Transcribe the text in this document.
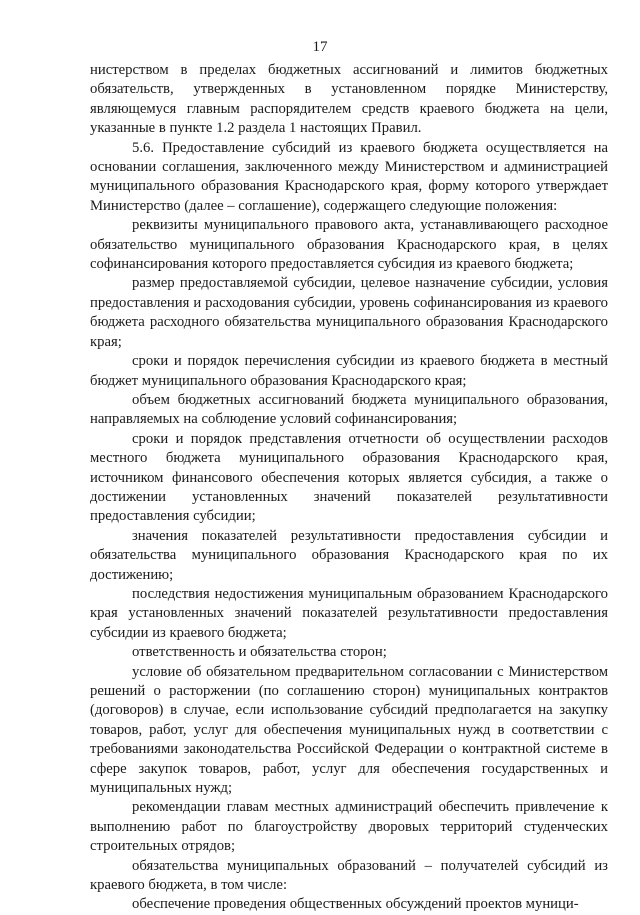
17

нистерством в пределах бюджетных ассигнований и лимитов бюджетных обязательств, утвержденных в установленном порядке Министерству, являющемуся главным распорядителем средств краевого бюджета на цели, указанные в пункте 1.2 раздела 1 настоящих Правил.

5.6. Предоставление субсидий из краевого бюджета осуществляется на основании соглашения, заключенного между Министерством и администрацией муниципального образования Краснодарского края, форму которого утверждает Министерство (далее – соглашение), содержащего следующие положения:

реквизиты муниципального правового акта, устанавливающего расходное обязательство муниципального образования Краснодарского края, в целях софинансирования которого предоставляется субсидия из краевого бюджета;

размер предоставляемой субсидии, целевое назначение субсидии, условия предоставления и расходования субсидии, уровень софинансирования из краевого бюджета расходного обязательства муниципального образования Краснодарского края;

сроки и порядок перечисления субсидии из краевого бюджета в местный бюджет муниципального образования Краснодарского края;

объем бюджетных ассигнований бюджета муниципального образования, направляемых на соблюдение условий софинансирования;

сроки и порядок представления отчетности об осуществлении расходов местного бюджета муниципального образования Краснодарского края, источником финансового обеспечения которых является субсидия, а также о достижении установленных значений показателей результативности предоставления субсидии;

значения показателей результативности предоставления субсидии и обязательства муниципального образования Краснодарского края по их достижению;

последствия недостижения муниципальным образованием Краснодарского края установленных значений показателей результативности предоставления субсидии из краевого бюджета;

ответственность и обязательства сторон;

условие об обязательном предварительном согласовании с Министерством решений о расторжении (по соглашению сторон) муниципальных контрактов (договоров) в случае, если использование субсидий предполагается на закупку товаров, работ, услуг для обеспечения муниципальных нужд в соответствии с требованиями законодательства Российской Федерации о контрактной системе в сфере закупок товаров, работ, услуг для обеспечения государственных и муниципальных нужд;

рекомендации главам местных администраций обеспечить привлечение к выполнению работ по благоустройству дворовых территорий студенческих строительных отрядов;

обязательства муниципальных образований – получателей субсидий из краевого бюджета, в том числе:

обеспечение проведения общественных обсуждений проектов муници-
